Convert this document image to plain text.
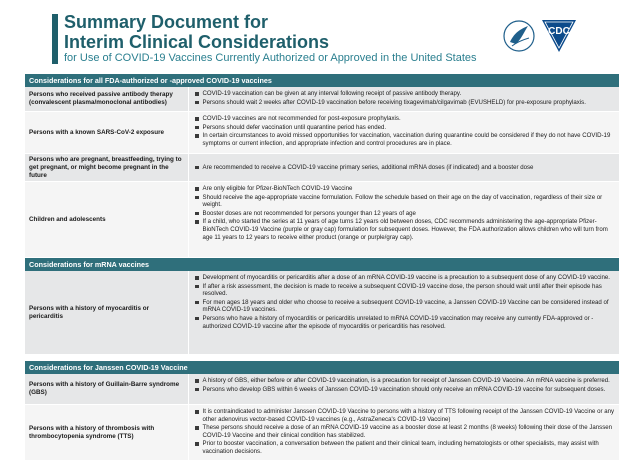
Summary Document for
Interim Clinical Considerations
for Use of COVID-19 Vaccines Currently Authorized or Approved in the United States
CDC
Considerations for all FDA-authorized or -approved COVID-19 vaccines
Persons who received passive antibody therapy (convalescent plasma/monoclonal antibodies)
COVID-19 vaccination can be given at any interval following receipt of passive antibody therapy.
Persons should wait 2 weeks after COVID-19 vaccination before receiving tixagevimab/cilgavimab (EVUSHELD) for pre-exposure prophylaxis.
Persons with a known SARS-CoV-2 exposure
COVID-19 vaccines are not recommended for post-exposure prophylaxis.
Persons should defer vaccination until quarantine period has ended.
In certain circumstances to avoid missed opportunities for vaccination, vaccination during quarantine could be considered if they do not have COVID-19 symptoms or current infection, and appropriate infection and control procedures are in place.
Persons who are pregnant, breastfeeding, trying to get pregnant, or might become pregnant in the future
Are recommended to receive a COVID-19 vaccine primary series, additional mRNA doses (if indicated) and a booster dose
Children and adolescents
Are only eligible for Pfizer-BioNTech COVID-19 Vaccine
Should receive the age-appropriate vaccine formulation. Follow the schedule based on their age on the day of vaccination, regardless of their size or weight.
Booster doses are not recommended for persons younger than 12 years of age
If a child, who started the series at 11 years of age turns 12 years old between doses, CDC recommends administering the age-appropriate Pfizer-BioNTech COVID-19 Vaccine (purple or gray cap) formulation for subsequent doses. However, the FDA authorization allows children who will turn from age 11 years to 12 years to receive either product (orange or purple/gray cap).
Considerations for mRNA vaccines
Persons with a history of myocarditis or pericarditis
Development of myocarditis or pericarditis after a dose of an mRNA COVID-19 vaccine is a precaution to a subsequent dose of any COVID-19 vaccine.
If after a risk assessment, the decision is made to receive a subsequent COVID-19 vaccine dose, the person should wait until after their episode has resolved.
For men ages 18 years and older who choose to receive a subsequent COVID-19 vaccine, a Janssen COVID-19 Vaccine can be considered instead of mRNA COVID-19 vaccines.
Persons who have a history of myocarditis or pericarditis unrelated to mRNA COVID-19 vaccination may receive any currently FDA-approved or -authorized COVID-19 vaccine after the episode of myocarditis or pericarditis has resolved.
Considerations for Janssen COVID-19 Vaccine
Persons with a history of Guillain-Barre syndrome (GBS)
A history of GBS, either before or after COVID-19 vaccination, is a precaution for receipt of Janssen COVID-19 Vaccine. An mRNA vaccine is preferred.
Persons who develop GBS within 6 weeks of Janssen COVID-19 vaccination should only receive an mRNA COVID-19 vaccine for subsequent doses.
Persons with a history of thrombosis with thrombocytopenia syndrome (TTS)
It is contraindicated to administer Janssen COVID-19 Vaccine to persons with a history of TTS following receipt of the Janssen COVID-19 Vaccine or any other adenovirus vector-based COVID-19 vaccines (e.g., AstraZeneca's COVID-19 Vaccine)
These persons should receive a dose of an mRNA COVID-19 vaccine as a booster dose at least 2 months (8 weeks) following their dose of the Janssen COVID-19 Vaccine and their clinical condition has stabilized.
Prior to booster vaccination, a conversation between the patient and their clinical team, including hematologists or other specialists, may assist with vaccination decisions.
